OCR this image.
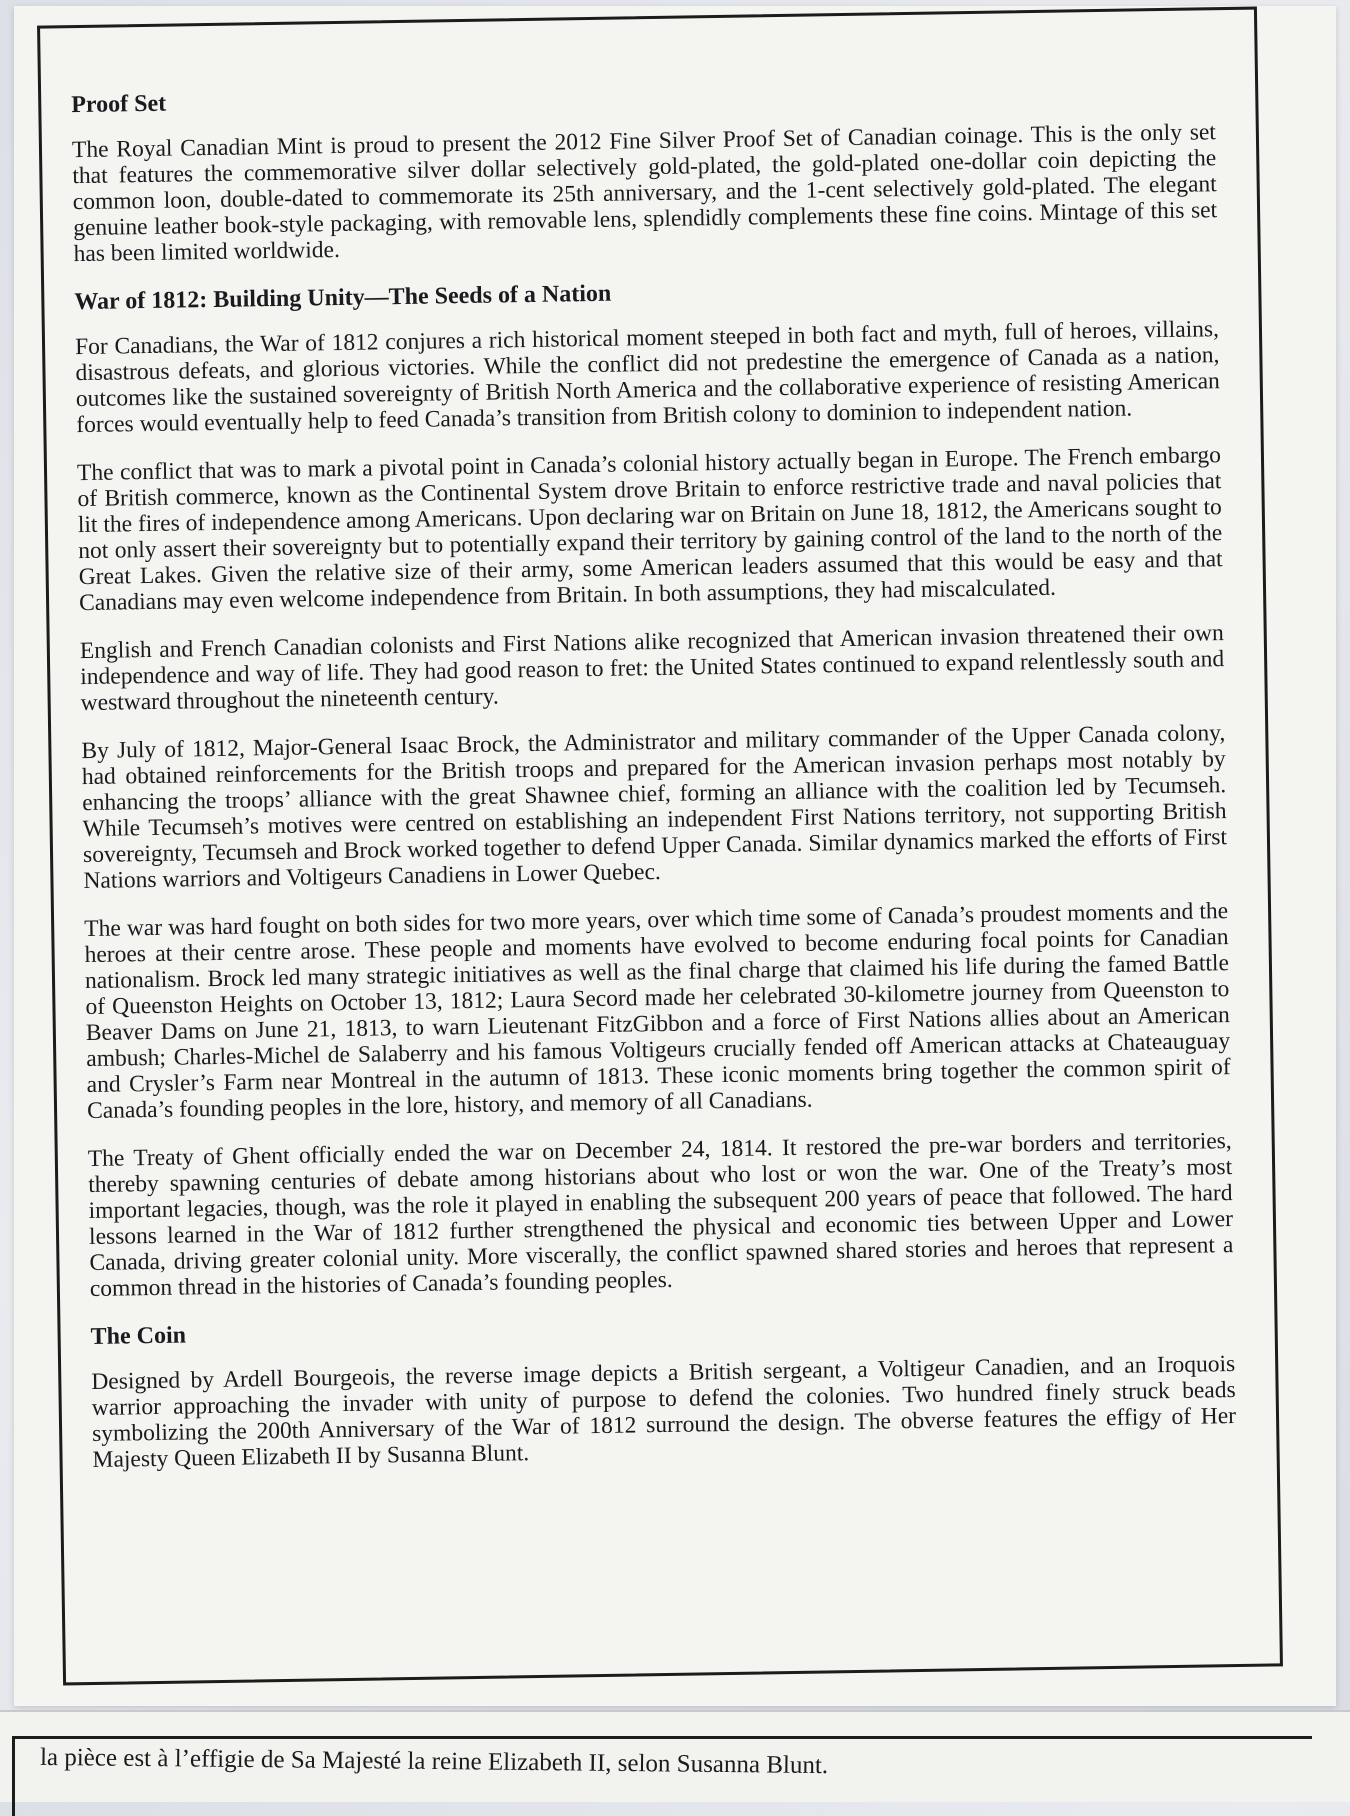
Proof Set

The Royal Canadian Mint is proud to present the 2012 Fine Silver Proof Set of Canadian coinage. This is the only set that features the commemorative silver dollar selectively gold-plated, the gold-plated one-dollar coin depicting the common loon, double-dated to commemorate its 25th anniversary, and the 1-cent selectively gold-plated. The elegant genuine leather book-style packaging, with removable lens, splendidly complements these fine coins. Mintage of this set has been limited worldwide.

War of 1812: Building Unity—The Seeds of a Nation

For Canadians, the War of 1812 conjures a rich historical moment steeped in both fact and myth, full of heroes, villains, disastrous defeats, and glorious victories. While the conflict did not predestine the emergence of Canada as a nation, outcomes like the sustained sovereignty of British North America and the collaborative experience of resisting American forces would eventually help to feed Canada’s transition from British colony to dominion to independent nation.

The conflict that was to mark a pivotal point in Canada’s colonial history actually began in Europe. The French embargo of British commerce, known as the Continental System drove Britain to enforce restrictive trade and naval policies that lit the fires of independence among Americans. Upon declaring war on Britain on June 18, 1812, the Americans sought to not only assert their sovereignty but to potentially expand their territory by gaining control of the land to the north of the Great Lakes. Given the relative size of their army, some American leaders assumed that this would be easy and that Canadians may even welcome independence from Britain. In both assumptions, they had miscalculated.

English and French Canadian colonists and First Nations alike recognized that American invasion threatened their own independence and way of life. They had good reason to fret: the United States continued to expand relentlessly south and westward throughout the nineteenth century.

By July of 1812, Major-General Isaac Brock, the Administrator and military commander of the Upper Canada colony, had obtained reinforcements for the British troops and prepared for the American invasion perhaps most notably by enhancing the troops’ alliance with the great Shawnee chief, forming an alliance with the coalition led by Tecumseh. While Tecumseh’s motives were centred on establishing an independent First Nations territory, not supporting British sovereignty, Tecumseh and Brock worked together to defend Upper Canada. Similar dynamics marked the efforts of First Nations warriors and Voltigeurs Canadiens in Lower Quebec.

The war was hard fought on both sides for two more years, over which time some of Canada’s proudest moments and the heroes at their centre arose. These people and moments have evolved to become enduring focal points for Canadian nationalism. Brock led many strategic initiatives as well as the final charge that claimed his life during the famed Battle of Queenston Heights on October 13, 1812; Laura Secord made her celebrated 30-kilometre journey from Queenston to Beaver Dams on June 21, 1813, to warn Lieutenant FitzGibbon and a force of First Nations allies about an American ambush; Charles-Michel de Salaberry and his famous Voltigeurs crucially fended off American attacks at Chateauguay and Crysler’s Farm near Montreal in the autumn of 1813. These iconic moments bring together the common spirit of Canada’s founding peoples in the lore, history, and memory of all Canadians.

The Treaty of Ghent officially ended the war on December 24, 1814. It restored the pre-war borders and territories, thereby spawning centuries of debate among historians about who lost or won the war. One of the Treaty’s most important legacies, though, was the role it played in enabling the subsequent 200 years of peace that followed. The hard lessons learned in the War of 1812 further strengthened the physical and economic ties between Upper and Lower Canada, driving greater colonial unity. More viscerally, the conflict spawned shared stories and heroes that represent a common thread in the histories of Canada’s founding peoples.

The Coin

Designed by Ardell Bourgeois, the reverse image depicts a British sergeant, a Voltigeur Canadien, and an Iroquois warrior approaching the invader with unity of purpose to defend the colonies. Two hundred finely struck beads symbolizing the 200th Anniversary of the War of 1812 surround the design. The obverse features the effigy of Her Majesty Queen Elizabeth II by Susanna Blunt.

la pièce est à l’effigie de Sa Majesté la reine Elizabeth II, selon Susanna Blunt.
